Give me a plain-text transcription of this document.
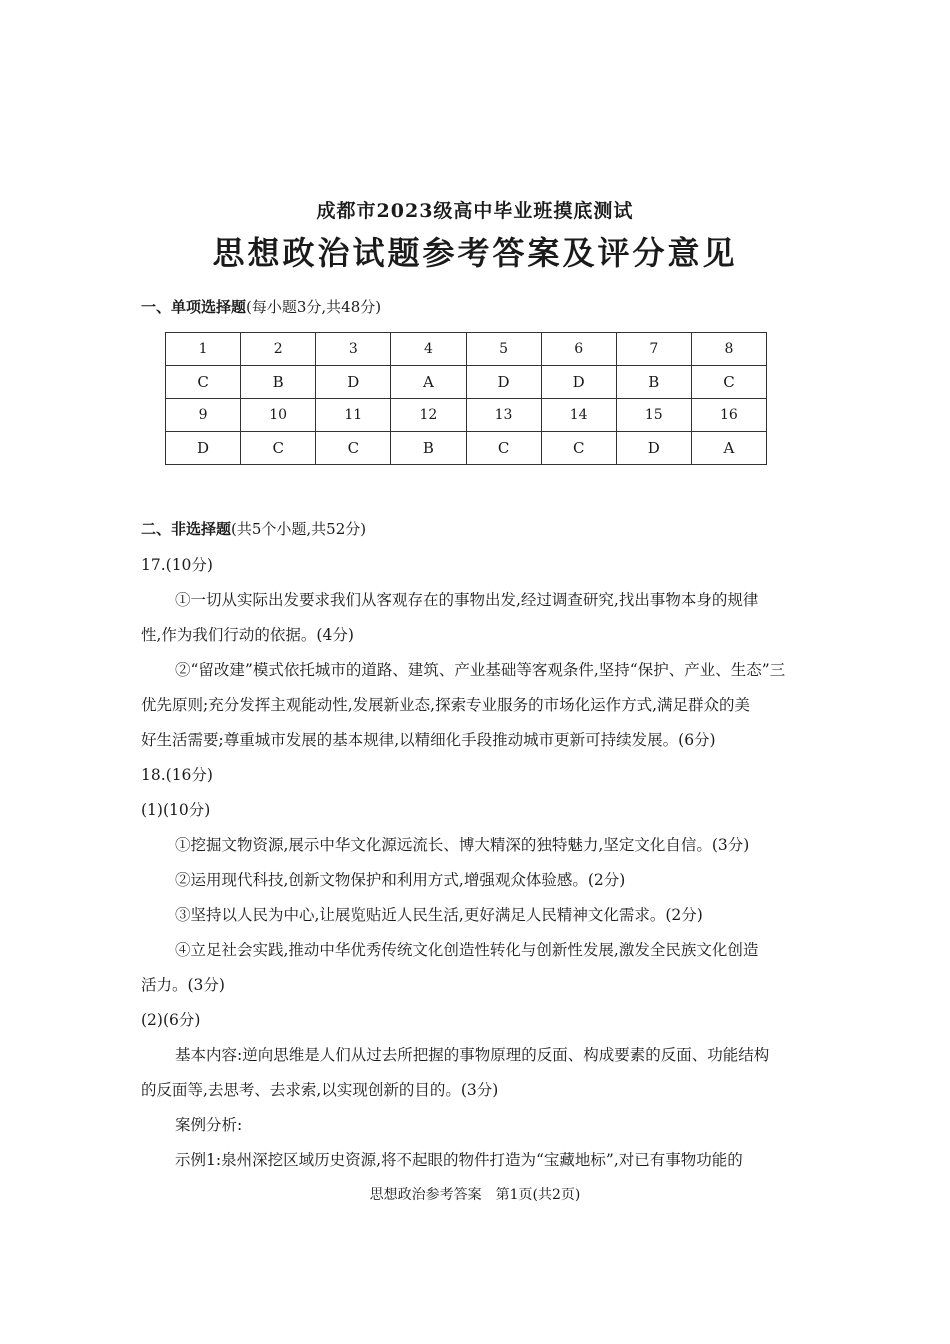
成都市2023级高中毕业班摸底测试
思想政治试题参考答案及评分意见
一、单项选择题(每小题3分,共48分)
1	2	3	4	5	6	7	8
C	B	D	A	D	D	B	C
9	10	11	12	13	14	15	16
D	C	C	B	C	C	D	A
二、非选择题(共5个小题,共52分)
17.(10分)
①一切从实际出发要求我们从客观存在的事物出发,经过调查研究,找出事物本身的规律
性,作为我们行动的依据。(4分)
②“留改建”模式依托城市的道路、建筑、产业基础等客观条件,坚持“保护、产业、生态”三
优先原则;充分发挥主观能动性,发展新业态,探索专业服务的市场化运作方式,满足群众的美
好生活需要;尊重城市发展的基本规律,以精细化手段推动城市更新可持续发展。(6分)
18.(16分)
(1)(10分)
①挖掘文物资源,展示中华文化源远流长、博大精深的独特魅力,坚定文化自信。(3分)
②运用现代科技,创新文物保护和利用方式,增强观众体验感。(2分)
③坚持以人民为中心,让展览贴近人民生活,更好满足人民精神文化需求。(2分)
④立足社会实践,推动中华优秀传统文化创造性转化与创新性发展,激发全民族文化创造
活力。(3分)
(2)(6分)
基本内容:逆向思维是人们从过去所把握的事物原理的反面、构成要素的反面、功能结构
的反面等,去思考、去求索,以实现创新的目的。(3分)
案例分析:
示例1:泉州深挖区域历史资源,将不起眼的物件打造为“宝藏地标”,对已有事物功能的
思想政治参考答案　第1页(共2页)
